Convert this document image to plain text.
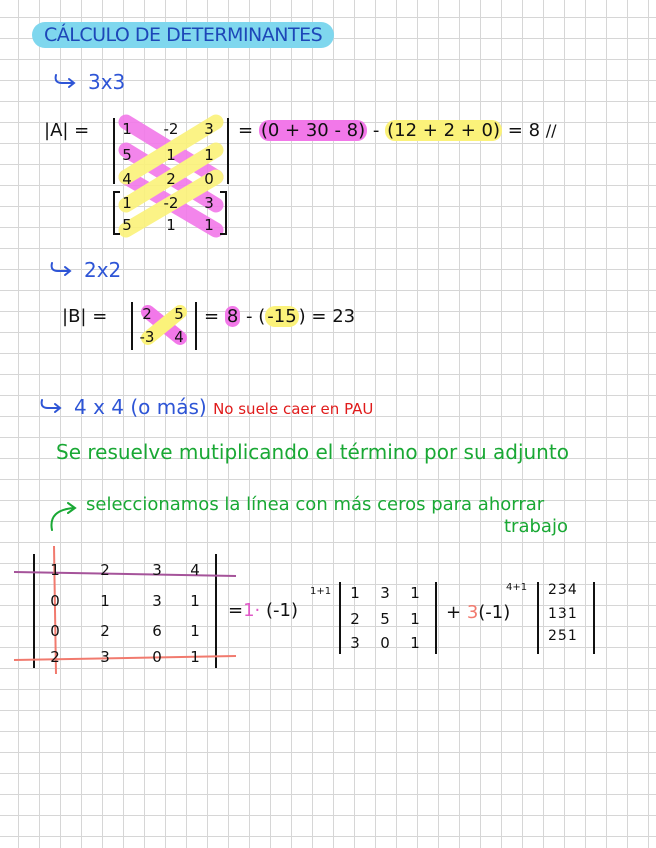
CÁLCULO DE DETERMINANTES
3x3
|A| = 1 -2 3
5 1 1
4 2 0
1 -2 3
5 1 1
= (0 + 30 - 8) - (12 + 2 + 0) = 8 //
2x2
|B| = 2 5
-3 4
= 8 - ( -15 ) = 23
4 x 4 (o más) No suele caer en PAU
Se resuelve mutiplicando el término por su adjunto
seleccionamos la línea con más ceros para ahorrar
trabajo
1	2	3 4
0	1	3 1
0	2	6 1
2	3	0 1
=1· (-1)
1+1 1 3 1
2 5 1
3 0 1
+ 3(-1)
4+1 234
131
251
